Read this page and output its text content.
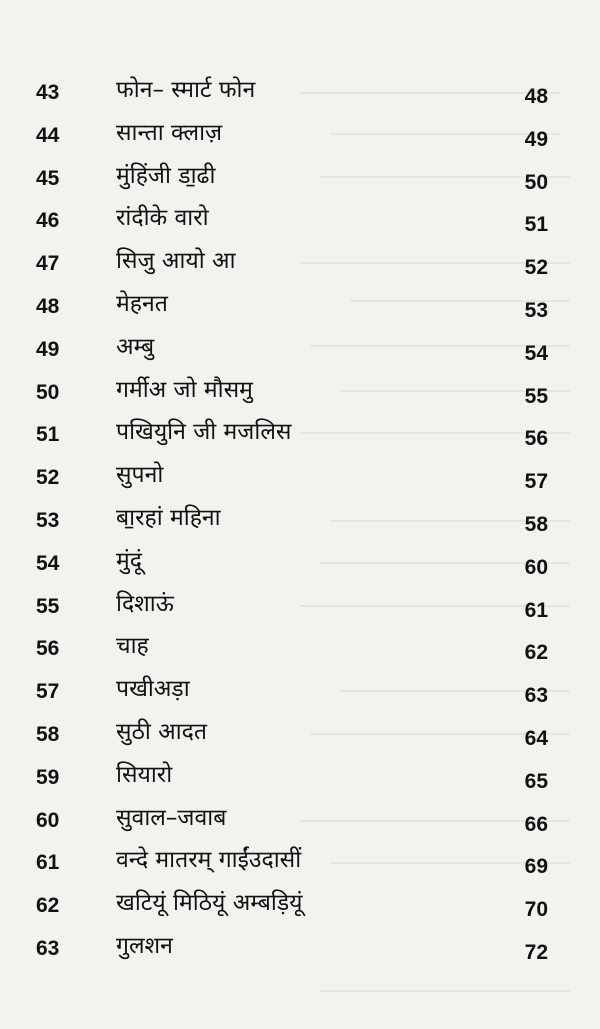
43	फोन– स्मार्ट फोन	48
44	सान्ता क्लाज़	49
45	मुंहिंजी डा॒ढी	50
46	रांदीके वारो	51
47	सिजु आयो आ	52
48	मेहनत	53
49	अम्बु	54
50	गर्मीअ जो मौसमु	55
51	पखियुनि जी मजलिस	56
52	सुपनो	57
53	बा॒रहां महिना	58
54	मुंदूं	60
55	दिशाऊं	61
56	चाह	62
57	पखीअड़ा	63
58	सुठी आदत	64
59	सियारो	65
60	सुवाल–जवाब	66
61	वन्दे मातरम् गाईंउदासीं	69
62	खटियूं मिठियूं अम्बड़ियूं	70
63	गुलशन	72
